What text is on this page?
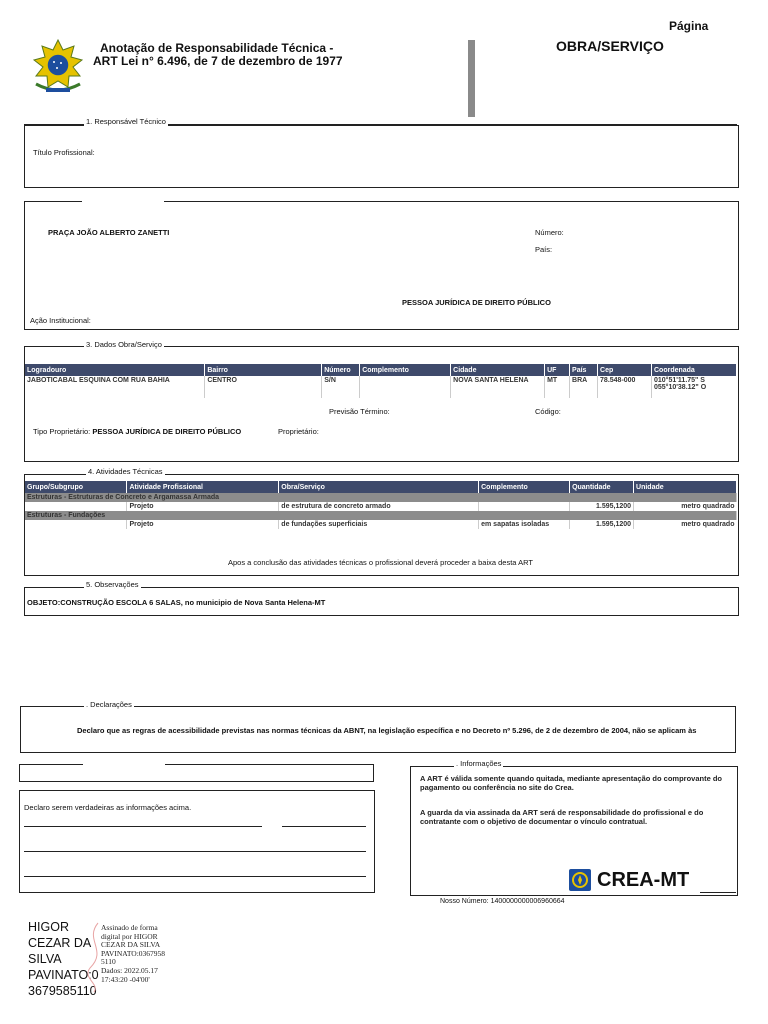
Página
Anotação de Responsabilidade Técnica -
ART Lei n° 6.496, de 7 de dezembro de 1977
OBRA/SERVIÇO
1. Responsável Técnico
Título Profissional:
PRAÇA JOÃO ALBERTO ZANETTI	Número:
País:
PESSOA JURÍDICA DE DIREITO PÚBLICO
Ação Institucional:
3. Dados Obra/Serviço
Logradouro	Bairro	Número	Complemento	Cidade	UF	País	Cep	Coordenada
JABOTICABAL ESQUINA COM RUA BAHIA	CENTRO	S/N		NOVA SANTA HELENA	MT	BRA	78.548-000	010°51'11.75" S
055°10'38.12" O
Previsão Término:	Código:
Tipo Proprietário: PESSOA JURÍDICA DE DIREITO PÚBLICO	Proprietário:
4. Atividades Técnicas
Grupo/Subgrupo	Atividade Profissional	Obra/Serviço	Complemento	Quantidade	Unidade
Estruturas - Estruturas de Concreto e Argamassa Armada					
	Projeto	de estrutura de concreto armado		1.595,1200	metro quadrado
Estruturas - Fundações					
	Projeto	de fundações superficiais	em sapatas isoladas	1.595,1200	metro quadrado
Apos a conclusão das atividades técnicas o profissional deverá proceder a baixa desta ART
5. Observações
OBJETO:CONSTRUÇÃO ESCOLA 6 SALAS, no municipio de Nova Santa Helena-MT
. Declarações
Declaro que as regras de acessibilidade previstas nas normas técnicas da ABNT, na legislação específica e no Decreto nº 5.296, de 2 de dezembro de 2004, não se aplicam às
Declaro serem verdadeiras as informações acima.
. Informações
A ART é válida somente quando quitada, mediante apresentação do comprovante do pagamento ou conferência no site do Crea.
A guarda da via assinada da ART será de responsabilidade do profissional e do contratante com o objetivo de documentar o vínculo contratual.
CREA-MT
Nosso Número: 1400000000006960664
HIGOR
CEZAR DA
SILVA
PAVINATO:0
3679585110
Assinado de forma
digital por HIGOR
CEZAR DA SILVA
PAVINATO:0367958
5110
Dados: 2022.05.17
17:43:20 -04'00'
